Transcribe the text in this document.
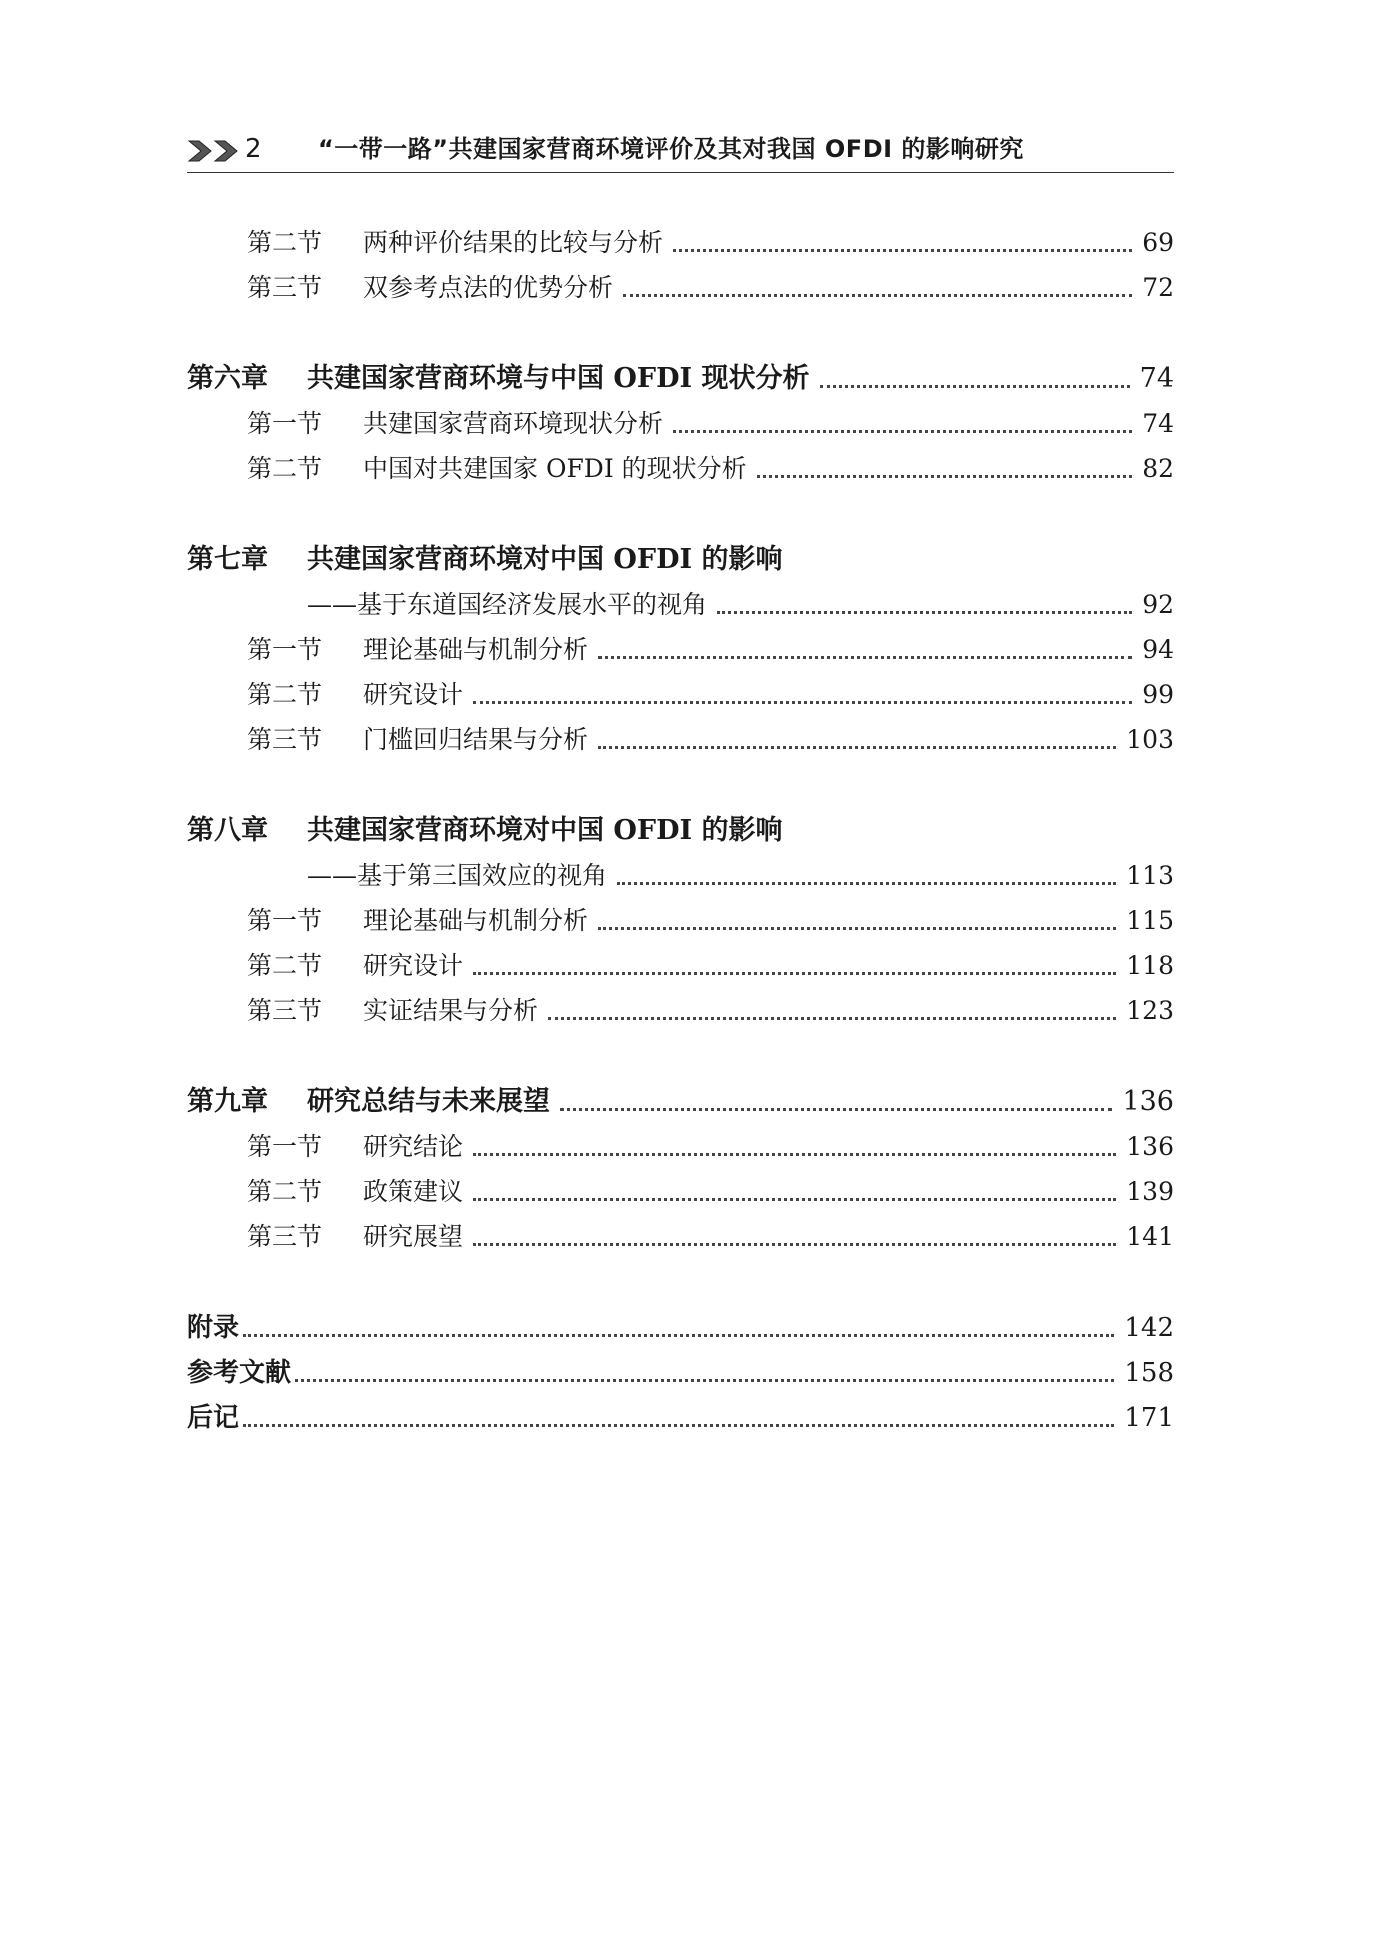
2 “一带一路”共建国家营商环境评价及其对我国 OFDI 的影响研究
第二节	两种评价结果的比较与分析	69
第三节	双参考点法的优势分析	72
第六章	共建国家营商环境与中国 OFDI 现状分析	74
第一节	共建国家营商环境现状分析	74
第二节	中国对共建国家 OFDI 的现状分析	82
第七章	共建国家营商环境对中国 OFDI 的影响
——基于东道国经济发展水平的视角	92
第一节	理论基础与机制分析	94
第二节	研究设计	99
第三节	门槛回归结果与分析	103
第八章	共建国家营商环境对中国 OFDI 的影响
——基于第三国效应的视角	113
第一节	理论基础与机制分析	115
第二节	研究设计	118
第三节	实证结果与分析	123
第九章	研究总结与未来展望	136
第一节	研究结论	136
第二节	政策建议	139
第三节	研究展望	141
附录	142
参考文献	158
后记	171
